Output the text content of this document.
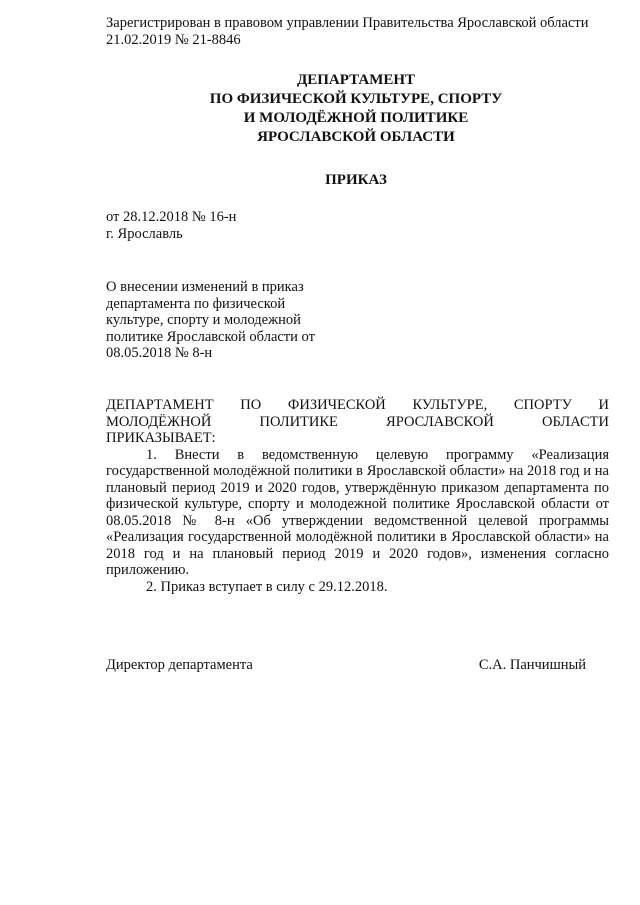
Зарегистрирован в правовом управлении Правительства Ярославской области
21.02.2019 № 21-8846
ДЕПАРТАМЕНТ
ПО ФИЗИЧЕСКОЙ КУЛЬТУРЕ, СПОРТУ
И МОЛОДЁЖНОЙ ПОЛИТИКЕ
ЯРОСЛАВСКОЙ ОБЛАСТИ
ПРИКАЗ
от 28.12.2018 № 16-н
г. Ярославль
О внесении изменений в приказ
департамента по физической
культуре, спорту и молодежной
политике Ярославской области от
08.05.2018 № 8-н
ДЕПАРТАМЕНТ ПО ФИЗИЧЕСКОЙ КУЛЬТУРЕ, СПОРТУ И
МОЛОДЁЖНОЙ ПОЛИТИКЕ ЯРОСЛАВСКОЙ ОБЛАСТИ
ПРИКАЗЫВАЕТ:
1. Внести в ведомственную целевую программу «Реализация государственной молодёжной политики в Ярославской области» на 2018 год и на плановый период 2019 и 2020 годов, утверждённую приказом департамента по физической культуре, спорту и молодежной политике Ярославской области от 08.05.2018 № 8-н «Об утверждении ведомственной целевой программы «Реализация государственной молодёжной политики в Ярославской области» на 2018 год и на плановый период 2019 и 2020 годов», изменения согласно приложению.
2. Приказ вступает в силу с 29.12.2018.
Директор департамента	С.А. Панчишный
